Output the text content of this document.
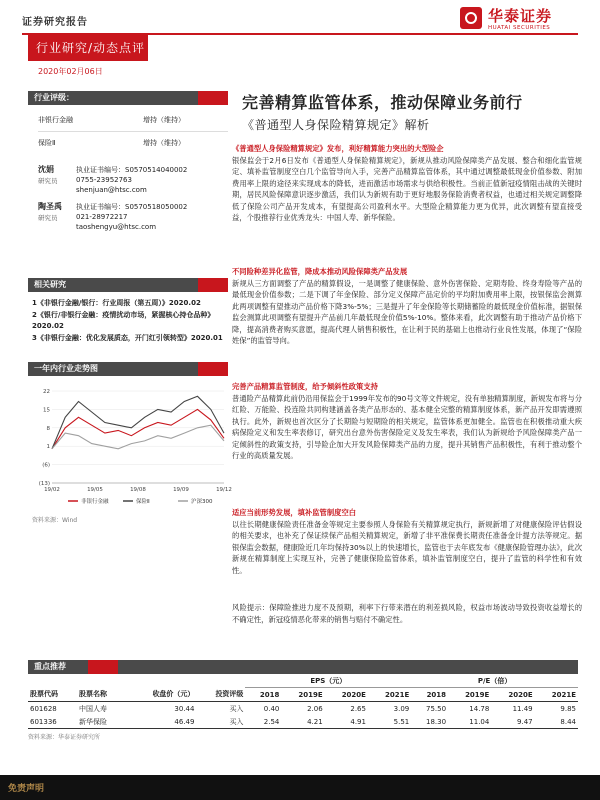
证券研究报告	华泰证券
HUATAI SECURITIES
行业研究/动态点评
2020年02月06日
行业评级：
非银行金融	增持（维持）
保险Ⅱ	增持（维持）
沈娟
研究员
执业证书编号：S0570514040002
0755-23952763
shenjuan@htsc.com
陶圣禹
研究员
执业证书编号：S0570518050002
021-28972217
taoshengyu@htsc.com
相关研究
1《非银行金融/银行：行业周报（第五周）》2020.02
2《银行/非银行金融：疫情扰动市场，紧握核心持仓品种》2020.02
3《非银行金融：优化发展质态，开门红引领转型》2020.01
一年内行业走势图
(13)
(6)
1
8
15
22
19/02	19/05	19/08	19/09	19/12
非银行金融	保险Ⅱ	沪深300
资料来源：Wind
完善精算监管体系，推动保障业务前行
《普通型人身保险精算规定》解析
《普通型人身保险精算规定》发布，利好精算能力突出的大型险企

银保监会于2月6日发布《普通型人身保险精算规定》，新规从推动风险保障类产品发展、整合和细化监管规定、填补监管制度空白几个监管导向入手，完善产品精算监管体系，其中通过调整最低现金价值参数、附加费用率上限的途径来实现成本的降低，进而激活市场需求与供给积极性。当前正值新冠疫情阻击战的关键时期，居民风险保障意识逐步激活，我们认为新规有助于更好地服务保险消费者权益，也通过相关规定调整降低了保险公司产品开发成本，有望提高公司盈利水平。大型险企精算能力更为优异，此次调整有望直接受益，个股推荐行业优秀龙头：中国人寿、新华保险。

不同险种差异化监管，降成本推动风险保障类产品发展

新规从三方面调整了产品的精算假设，一是调整了健康保险、意外伤害保险、定期寿险、终身寿险等产品的最低现金价值参数；二是下调了年金保险、部分定义保障产品定价的平均附加费用率上限，按银保监会测算此两项调整有望推动产品价格下降3%-5%；三是提升了年金保险等长期储蓄险的最低现金价值标准，据银保监会测算此项调整有望提升产品前几年最低现金价值5%-10%。整体来看，此次调整有助于推动产品价格下降，提高消费者购买意愿，提高代理人销售积极性，在让利于民的基础上也推动行业良性发展，体现了“保险姓保”的监管导向。

完善产品精算监管制度，给予倾斜性政策支持

普通险产品精算此前仍沿用保监会于1999年发布的90号文等文件规定，没有单独精算制度，新规发布将与分红险、万能险、投连险共同构建涵盖各类产品形态的、基本健全完整的精算制度体系，新产品开发即需遵照执行。此外，新规也首次区分了长期险与短期险的相关规定，监管体系更加健全。监管也在积极推动重大疾病保险定义和发生率表修订，研究出台意外伤害保险定义及发生率表，我们认为新规给予风险保障类产品一定倾斜性的政策支持，引导险企加大开发风险保障类产品的力度，提升其销售产品积极性，有利于推动整个行业的高质量发展。

适应当前形势发展，填补监管制度空白

以往长期健康保险责任准备金等规定主要参照人身保险有关精算规定执行，新规新增了对健康保险评估假设的相关要求，也补充了保证续保产品相关精算规定，新增了非平准保费长期责任准备金计提方法等规定。据银保监会数据，健康险近几年均保持30%以上的快速增长，监管也于去年底发布《健康保险管理办法》，此次新规在精算制度上实现互补，完善了健康保险监管体系，填补监管制度空白，提升了监管的科学性和有效性。

风险提示：保障险推进力度不及预期，利率下行带来潜在的利差损风险，权益市场波动导致投资收益增长的不确定性，新冠疫情恶化带来的销售与赔付不确定性。

重点推荐
				EPS（元）				P/E（倍）			
股票代码	股票名称	收盘价（元）	投资评级	2018	2019E	2020E	2021E	2018	2019E	2020E	2021E
601628	中国人寿	30.44	买入	0.40	2.06	2.65	3.09	75.50	14.78	11.49	9.85
601336	新华保险	46.49	买入	2.54	4.21	4.91	5.51	18.30	11.04	9.47	8.44
资料来源：华泰证券研究所
免责声明
